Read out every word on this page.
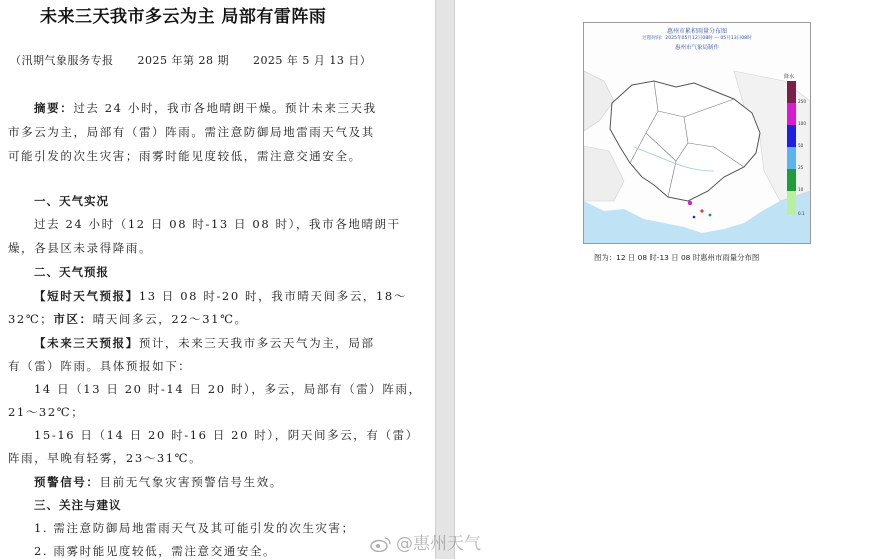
未来三天我市多云为主 局部有雷阵雨
（汛期气象服务专报      2025 年第 28 期      2025 年 5 月 13 日）
摘要：过去 24 小时，我市各地晴朗干燥。预计未来三天我
市多云为主，局部有（雷）阵雨。需注意防御局地雷雨天气及其
可能引发的次生灾害；雨雾时能见度较低，需注意交通安全。
一、天气实况
过去 24 小时（12 日 08 时-13 日 08 时），我市各地晴朗干
燥，各县区未录得降雨。
二、天气预报
【短时天气预报】13 日 08 时-20 时，我市晴天间多云，18～
32℃；市区：晴天间多云，22～31℃。
【未来三天预报】预计，未来三天我市多云天气为主，局部
有（雷）阵雨。具体预报如下：
14 日（13 日 20 时-14 日 20 时），多云，局部有（雷）阵雨，
21～32℃；
15-16 日（14 日 20 时-16 日 20 时），阴天间多云，有（雷）
阵雨，早晚有轻雾，23～31℃。
预警信号：目前无气象灾害预警信号生效。
三、关注与建议
1. 需注意防御局地雷雨天气及其可能引发的次生灾害；
2. 雨雾时能见度较低，需注意交通安全。
惠州市累积雨量分布图
过程时间：2025年05月12日08时 — 05月13日08时
惠州市气象局制作
降水
250
100
50
25
10
0.1
图为：12 日 08 时-13 日 08 时惠州市雨量分布图
@惠州天气
